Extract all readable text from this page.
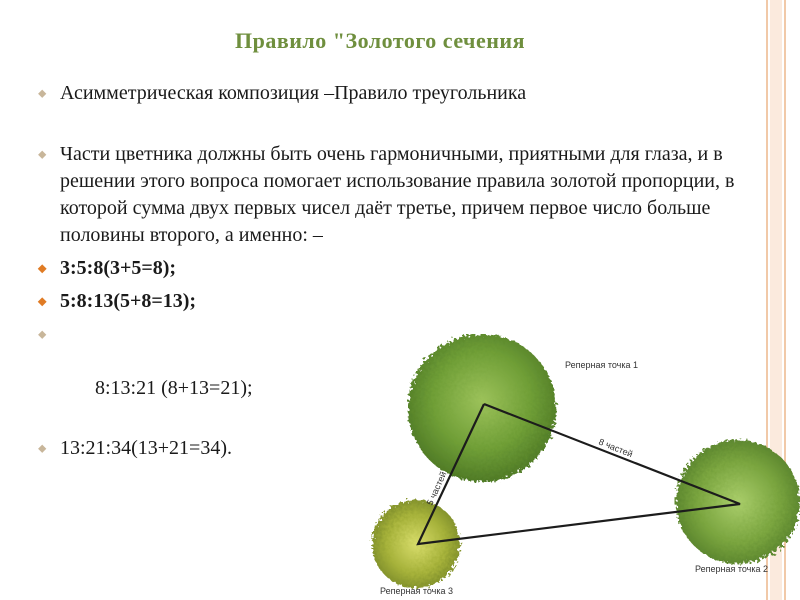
Правило "Золотого сечения
⬥ Асимметрическая композиция –Правило треугольника
⬥ Части цветника должны быть очень гармоничными, приятными для глаза, и в решении этого вопроса помогает использование правила золотой пропорции, в которой сумма двух первых чисел даёт третье, причем первое число больше половины второго, а именно: –
⬥ 3:5:8(3+5=8);
⬥ 5:8:13(5+8=13);

⬥

8:13:21 (8+13=21);

⬥ 13:21:34(13+21=34).
Реперная точка 1
Реперная точка 2
Реперная точка 3
8 частей
5 частей
